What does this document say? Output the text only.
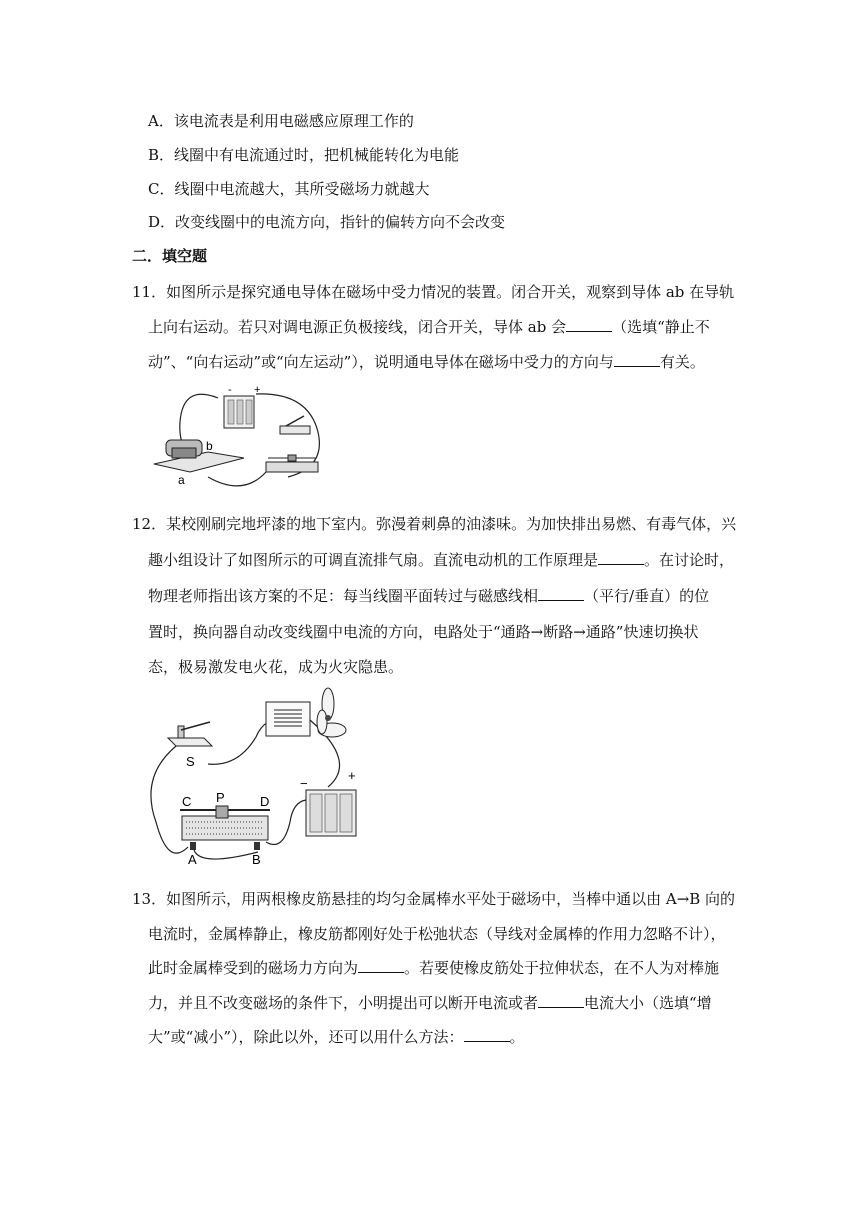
A．该电流表是利用电磁感应原理工作的
B．线圈中有电流通过时，把机械能转化为电能
C．线圈中电流越大，其所受磁场力就越大
D．改变线圈中的电流方向，指针的偏转方向不会改变
二．填空题
11．如图所示是探究通电导体在磁场中受力情况的装置。闭合开关，观察到导体 ab 在导轨
上向右运动。若只对调电源正负极接线，闭合开关，导体 ab 会	（选填“静止不
动”、“向右运动”或“向左运动”），说明通电导体在磁场中受力的方向与	有关。
- +
b
a
12．某校刚刷完地坪漆的地下室内。弥漫着刺鼻的油漆味。为加快排出易燃、有毒气体，兴
趣小组设计了如图所示的可调直流排气扇。直流电动机的工作原理是	。在讨论时，
物理老师指出该方案的不足：每当线圈平面转过与磁感线相	（平行/垂直）的位
置时，换向器自动改变线圈中电流的方向，电路处于“通路→断路→通路”快速切换状
态，极易激发电火花，成为火灾隐患。
S
C P	D
A	B
−
+
13．如图所示，用两根橡皮筋悬挂的均匀金属棒水平处于磁场中，当棒中通以由 A→B 向的
电流时，金属棒静止，橡皮筋都刚好处于松弛状态（导线对金属棒的作用力忽略不计），
此时金属棒受到的磁场力方向为	。若要使橡皮筋处于拉伸状态，在不人为对棒施
力，并且不改变磁场的条件下，小明提出可以断开电流或者	电流大小（选填“增
大”或“减小”），除此以外，还可以用什么方法：	。
